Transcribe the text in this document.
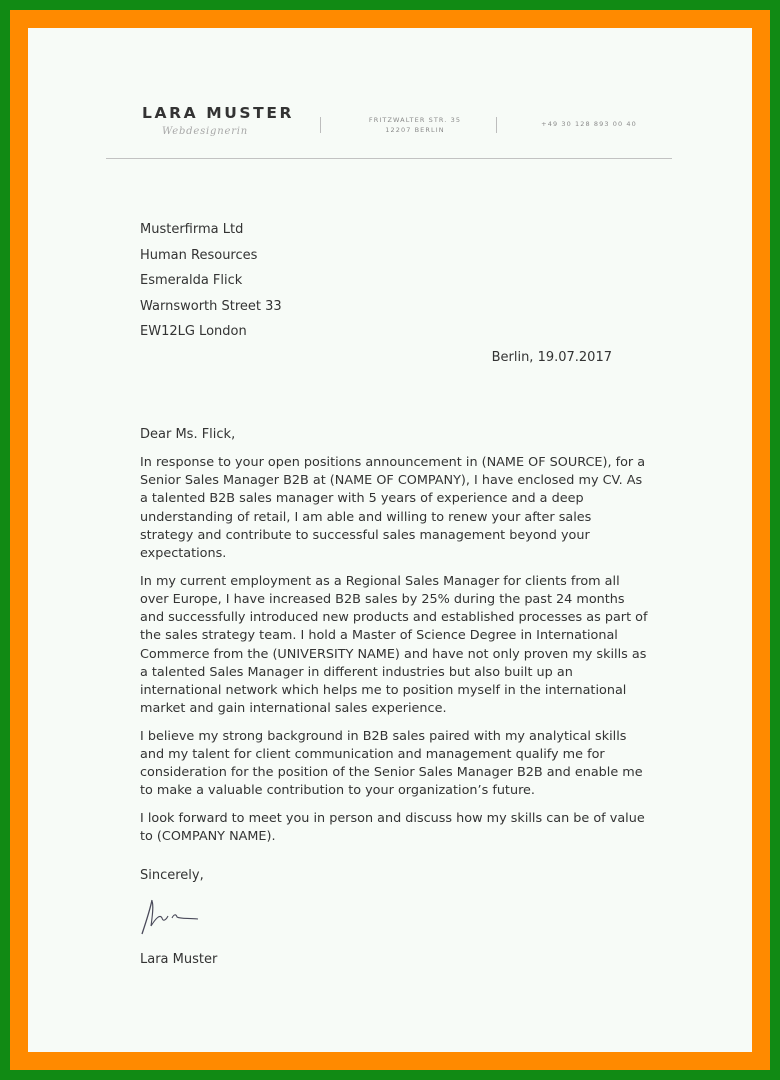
LARA MUSTER
Webdesignerin
FRITZWALTER STR. 35
12207 BERLIN
+49 30 128 893 00 40
Musterfirma Ltd
Human Resources
Esmeralda Flick
Warnsworth Street 33
EW12LG London
Berlin, 19.07.2017
Dear Ms. Flick,

In response to your open positions announcement in (NAME OF SOURCE), for a Senior Sales Manager B2B at (NAME OF COMPANY), I have enclosed my CV. As a talented B2B sales manager with 5 years of experience and a deep understanding of retail, I am able and willing to renew your after sales strategy and contribute to successful sales management beyond your expectations.

In my current employment as a Regional Sales Manager for clients from all over Europe, I have increased B2B sales by 25% during the past 24 months and successfully introduced new products and established processes as part of the sales strategy team. I hold a Master of Science Degree in International Commerce from the (UNIVERSITY NAME) and have not only proven my skills as a talented Sales Manager in different industries but also built up an international network which helps me to position myself in the international market and gain international sales experience.

I believe my strong background in B2B sales paired with my analytical skills and my talent for client communication and management qualify me for consideration for the position of the Senior Sales Manager B2B and enable me to make a valuable contribution to your organization’s future.

I look forward to meet you in person and discuss how my skills can be of value to (COMPANY NAME).

Sincerely,
Lara Muster
